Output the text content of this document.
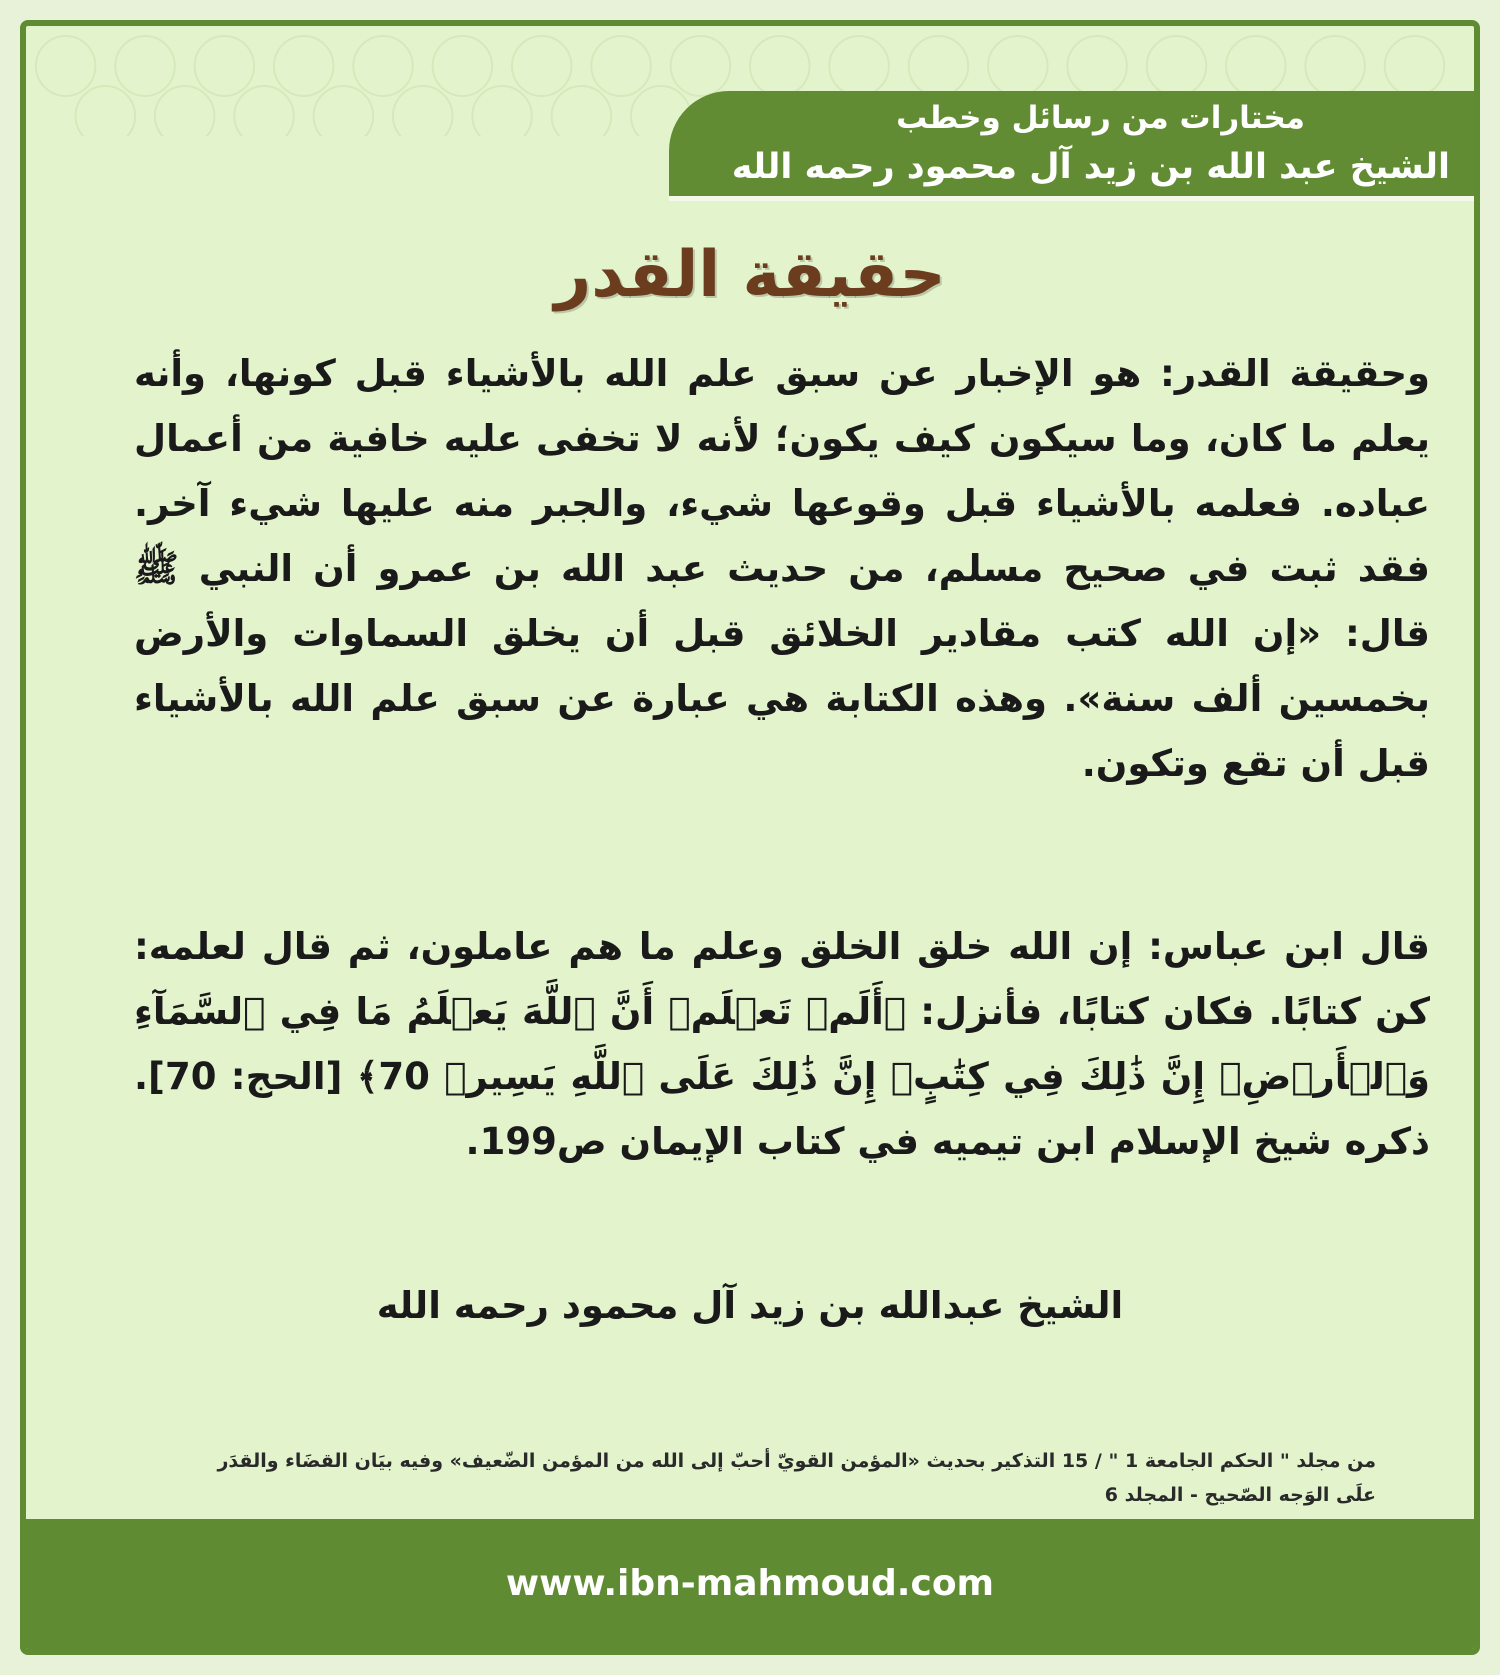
مختارات من رسائل وخطب
الشيخ عبد الله بن زيد آل محمود رحمه الله
حقيقة القدر

وحقيقة القدر: هو الإخبار عن سبق علم الله بالأشياء قبل كونها، وأنه يعلم ما كان، وما سيكون كيف يكون؛ لأنه لا تخفى عليه خافية من أعمال عباده. فعلمه بالأشياء قبل وقوعها شيء، والجبر منه عليها شيء آخر. فقد ثبت في صحيح مسلم، من حديث عبد الله بن عمرو أن النبي ﷺ قال: «إن الله كتب مقادير الخلائق قبل أن يخلق السماوات والأرض بخمسين ألف سنة». وهذه الكتابة هي عبارة عن سبق علم الله بالأشياء قبل أن تقع وتكون.

قال ابن عباس: إن الله خلق الخلق وعلم ما هم عاملون، ثم قال لعلمه: كن كتابًا. فكان كتابًا، فأنزل: ﴿أَلَمۡ تَعۡلَمۡ أَنَّ ٱللَّهَ يَعۡلَمُ مَا فِي ٱلسَّمَآءِ وَٱلۡأَرۡضِۚ إِنَّ ذَٰلِكَ فِي كِتَٰبٍۚ إِنَّ ذَٰلِكَ عَلَى ٱللَّهِ يَسِيرٞ 70﴾ [الحج: 70]. ذكره شيخ الإسلام ابن تيميه في كتاب الإيمان ص199.

الشيخ عبدالله بن زيد آل محمود رحمه الله

من مجلد " الحكم الجامعة 1 " / 15 التذكير بحديث «المؤمن القويّ أحبّ إلى الله من المؤمن الضّعيف» وفيه بيَان القضَاء والقدَر علَى الوَجه الصّحيح - المجلد 6

www.ibn-mahmoud.com
